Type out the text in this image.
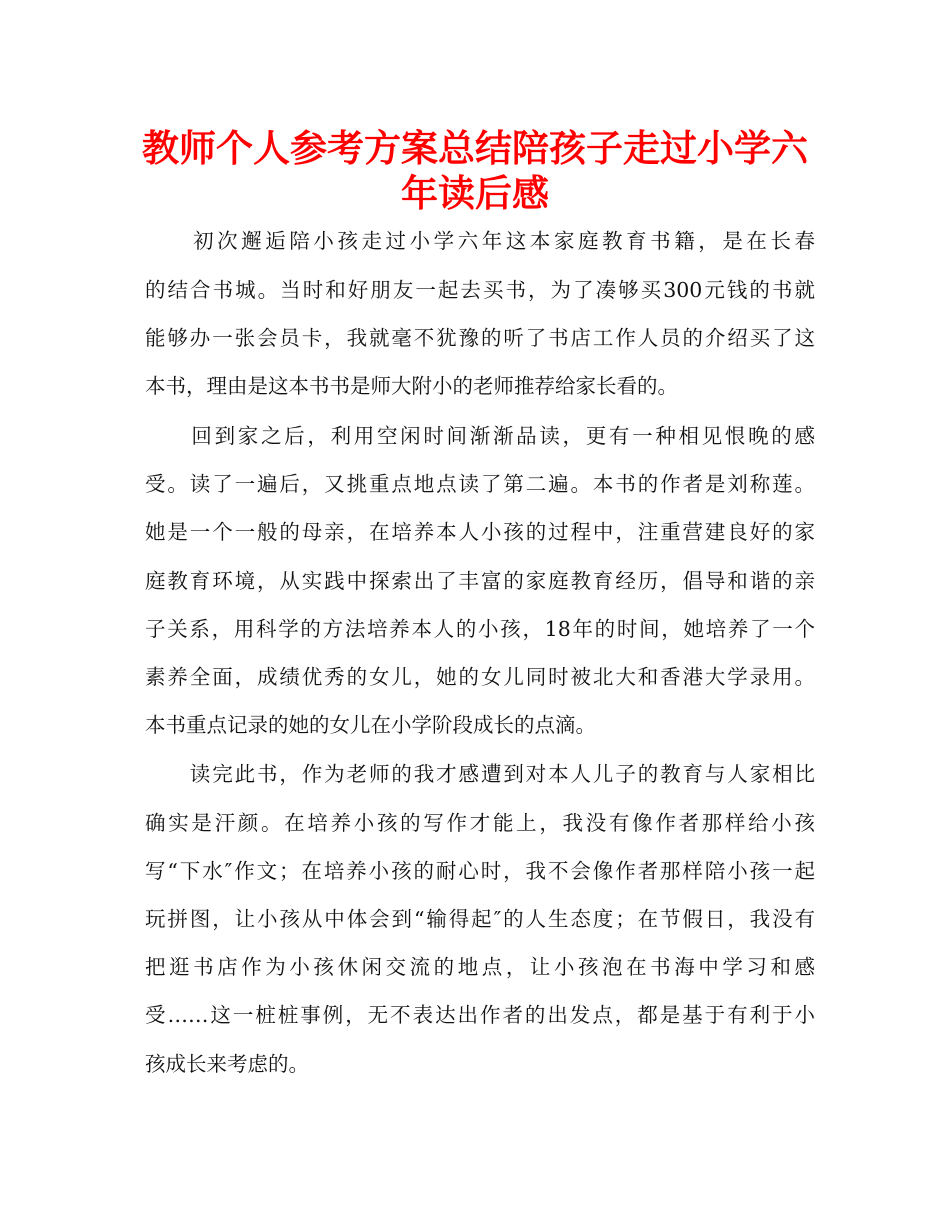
教师个人参考方案总结陪孩子走过小学六
年读后感

　　初次邂逅陪小孩走过小学六年这本家庭教育书籍，是在长春

的结合书城。当时和好朋友一起去买书，为了凑够买300元钱的书就

能够办一张会员卡，我就毫不犹豫的听了书店工作人员的介绍买了这

本书，理由是这本书书是师大附小的老师推荐给家长看的。

　　回到家之后，利用空闲时间渐渐品读，更有一种相见恨晚的感

受。读了一遍后，又挑重点地点读了第二遍。本书的作者是刘称莲。

她是一个一般的母亲，在培养本人小孩的过程中，注重营建良好的家

庭教育环境，从实践中探索出了丰富的家庭教育经历，倡导和谐的亲

子关系，用科学的方法培养本人的小孩，18年的时间，她培养了一个

素养全面，成绩优秀的女儿，她的女儿同时被北大和香港大学录用。

本书重点记录的她的女儿在小学阶段成长的点滴。

　　读完此书，作为老师的我才感遭到对本人儿子的教育与人家相比

确实是汗颜。在培养小孩的写作才能上，我没有像作者那样给小孩

写“下水″作文；在培养小孩的耐心时，我不会像作者那样陪小孩一起

玩拼图，让小孩从中体会到“输得起″的人生态度；在节假日，我没有

把逛书店作为小孩休闲交流的地点，让小孩泡在书海中学习和感

受……这一桩桩事例，无不表达出作者的出发点，都是基于有利于小

孩成长来考虑的。
